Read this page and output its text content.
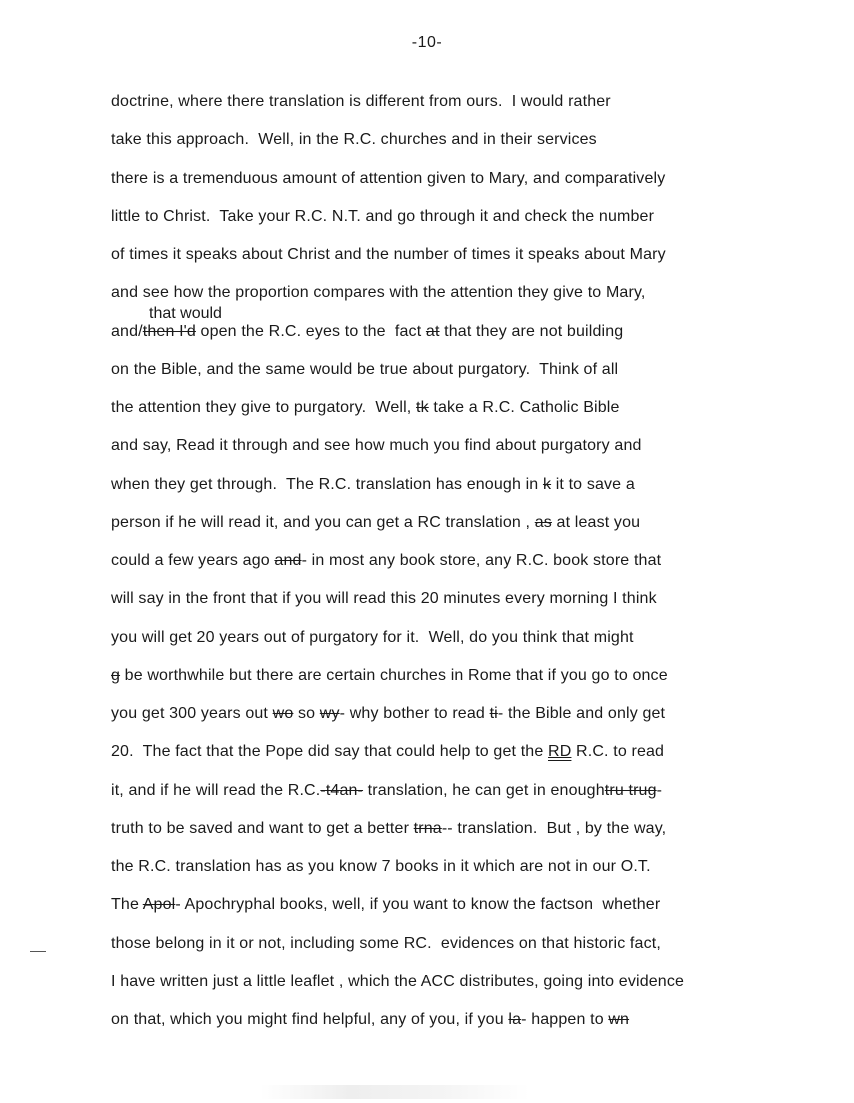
-10-
that would
doctrine, where there translation is different from ours.  I would rather
take this approach.  Well, in the R.C. churches and in their services
there is a tremenduous amount of attention given to Mary, and comparatively
little to Christ.  Take your R.C. N.T. and go through it and check the number
of times it speaks about Christ and the number of times it speaks about Mary
and see how the proportion compares with the attention they give to Mary,
and/then I'd open the R.C. eyes to the  fact at that they are not building
on the Bible, and the same would be true about purgatory.  Think of all
the attention they give to purgatory.  Well, tk take a R.C. Catholic Bible
and say, Read it through and see how much you find about purgatory and
when they get through.  The R.C. translation has enough in k it to save a
person if he will read it, and you can get a RC translation , as at least you
could a few years ago and- in most any book store, any R.C. book store that
will say in the front that if you will read this 20 minutes every morning I think
you will get 20 years out of purgatory for it.  Well, do you think that might
g be worthwhile but there are certain churches in Rome that if you go to once
you get 300 years out wo so wy- why bother to read ti- the Bible and only get
20.  The fact that the Pope did say that could help to get the RD R.C. to read
it, and if he will read the R.C.-t4an- translation, he can get in enoughtru trug-
truth to be saved and want to get a better trna-- translation.  But , by the way,
the R.C. translation has as you know 7 books in it which are not in our O.T.
The Apol- Apochryphal books, well, if you want to know the factson  whether
those belong in it or not, including some RC.  evidences on that historic fact,
I have written just a little leaflet , which the ACC distributes, going into evidence
on that, which you might find helpful, any of you, if you la- happen to wn
